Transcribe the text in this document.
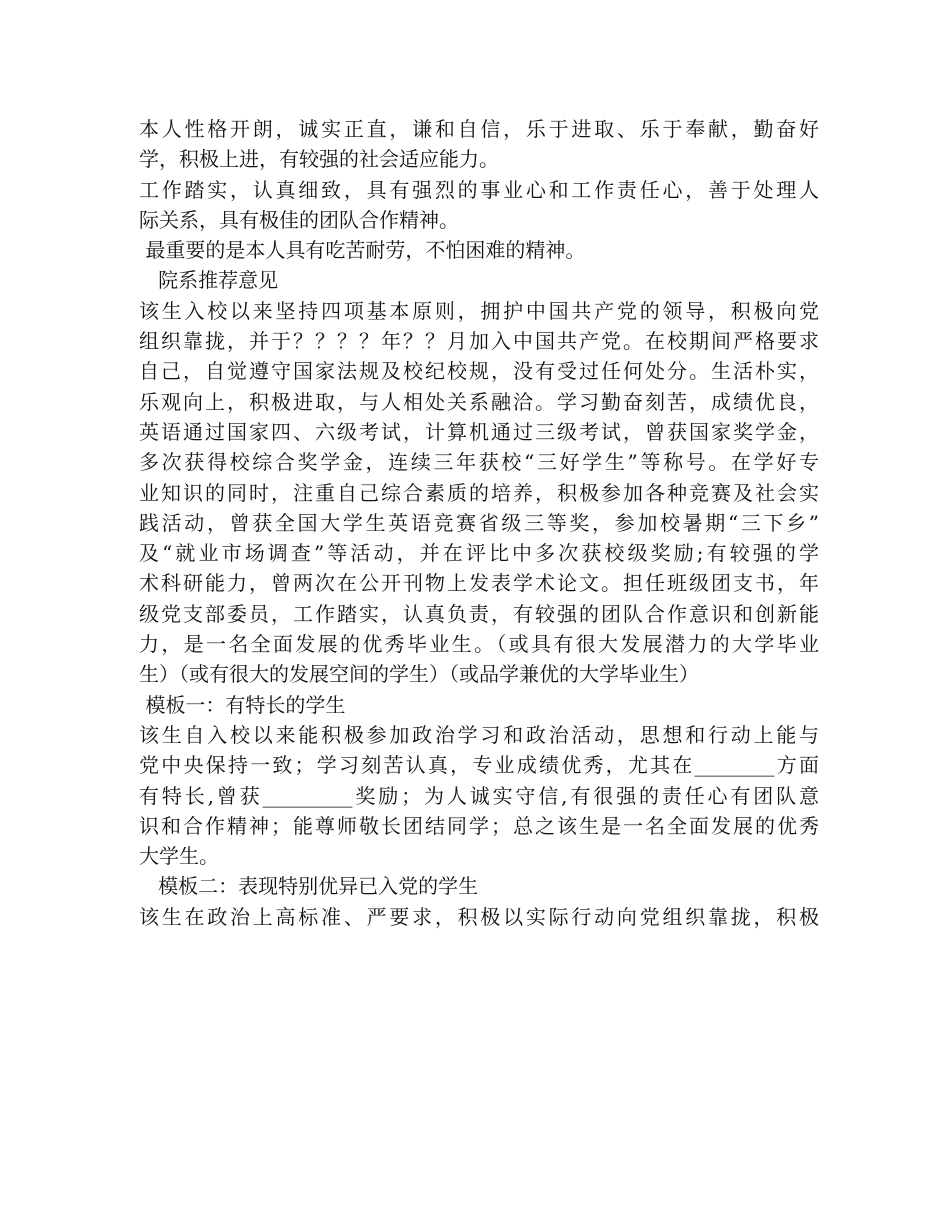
本人性格开朗，诚实正直，谦和自信，乐于进取、乐于奉献，勤奋好
学，积极上进，有较强的社会适应能力。
工作踏实，认真细致，具有强烈的事业心和工作责任心，善于处理人
际关系，具有极佳的团队合作精神。
最重要的是本人具有吃苦耐劳，不怕困难的精神。
院系推荐意见
该生入校以来坚持四项基本原则，拥护中国共产党的领导，积极向党
组织靠拢，并于？？？？年？？月加入中国共产党。在校期间严格要求
自己，自觉遵守国家法规及校纪校规，没有受过任何处分。生活朴实，
乐观向上，积极进取，与人相处关系融洽。学习勤奋刻苦，成绩优良，
英语通过国家四、六级考试，计算机通过三级考试，曾获国家奖学金，
多次获得校综合奖学金，连续三年获校“三好学生”等称号。在学好专
业知识的同时，注重自己综合素质的培养，积极参加各种竞赛及社会实
践活动，曾获全国大学生英语竞赛省级三等奖，参加校暑期“三下乡”
及“就业市场调查”等活动，并在评比中多次获校级奖励;有较强的学
术科研能力，曾两次在公开刊物上发表学术论文。担任班级团支书，年
级党支部委员，工作踏实，认真负责，有较强的团队合作意识和创新能
力，是一名全面发展的优秀毕业生。（或具有很大发展潜力的大学毕业
生）（或有很大的发展空间的学生）（或品学兼优的大学毕业生）
模板一：有特长的学生
该生自入校以来能积极参加政治学习和政治活动，思想和行动上能与
党中央保持一致；学习刻苦认真，专业成绩优秀，尤其在________方面
有特长,曾获_________奖励；为人诚实守信,有很强的责任心有团队意
识和合作精神；能尊师敬长团结同学；总之该生是一名全面发展的优秀
大学生。
模板二：表现特别优异已入党的学生
该生在政治上高标准、严要求，积极以实际行动向党组织靠拢，积极
